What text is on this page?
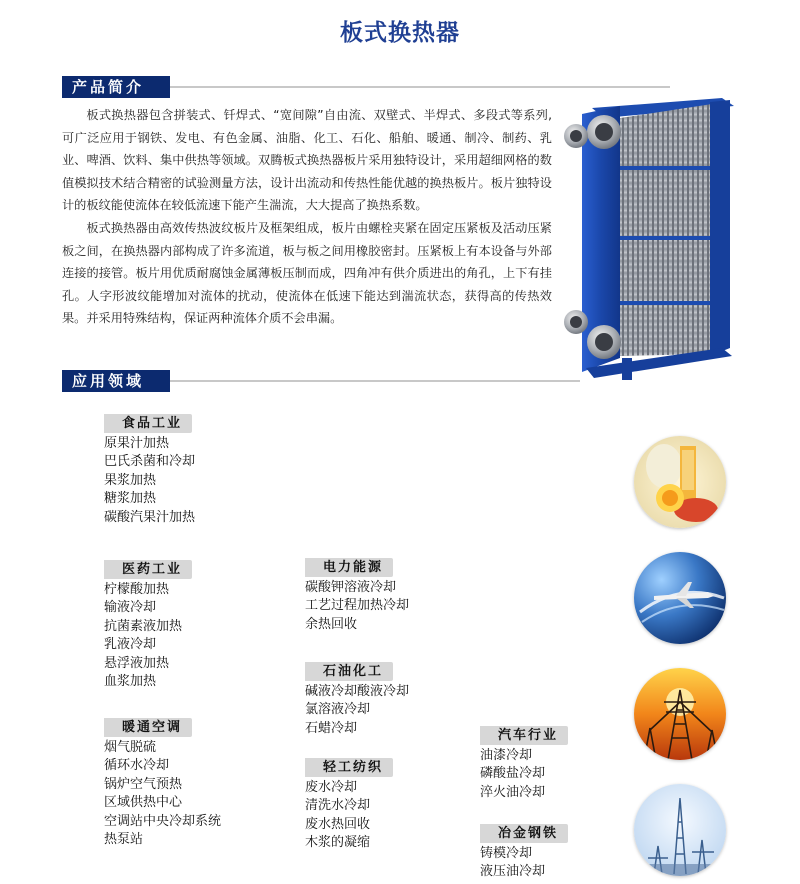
板式换热器
产品简介

板式换热器包含拼装式、钎焊式、“宽间隙”自由流、双壁式、半焊式、多段式等系列,可广泛应用于钢铁、发电、有色金属、油脂、化工、石化、船舶、暖通、制冷、制药、乳业、啤酒、饮料、集中供热等领域。双腾板式换热器板片采用独特设计，采用超细网格的数值模拟技术结合精密的试验测量方法，设计出流动和传热性能优越的换热板片。板片独特设计的板纹能使流体在较低流速下能产生湍流，大大提高了换热系数。

板式换热器由高效传热波纹板片及框架组成，板片由螺栓夹紧在固定压紧板及活动压紧板之间，在换热器内部构成了许多流道，板与板之间用橡胶密封。压紧板上有本设备与外部连接的接管。板片用优质耐腐蚀金属薄板压制而成，四角冲有供介质进出的角孔，上下有挂孔。人字形波纹能增加对流体的扰动，使流体在低速下能达到湍流状态，获得高的传热效果。并采用特殊结构，保证两种流体介质不会串漏。

应用领域
食品工业
原果汁加热
巴氏杀菌和冷却
果浆加热
糖浆加热
碳酸汽果汁加热
医药工业
柠檬酸加热
输液冷却
抗菌素液加热
乳液冷却
悬浮液加热
血浆加热
暖通空调
烟气脱硫
循环水冷却
锅炉空气预热
区域供热中心
空调站中央冷却系统
热泵站
电力能源
碳酸钾溶液冷却
工艺过程加热冷却
余热回收
石油化工
碱液冷却酸液冷却
氯溶液冷却
石蜡冷却
轻工纺织
废水冷却
清洗水冷却
废水热回收
木浆的凝缩
汽车行业
油漆冷却
磷酸盐冷却
淬火油冷却
冶金钢铁
铸模冷却
液压油冷却
